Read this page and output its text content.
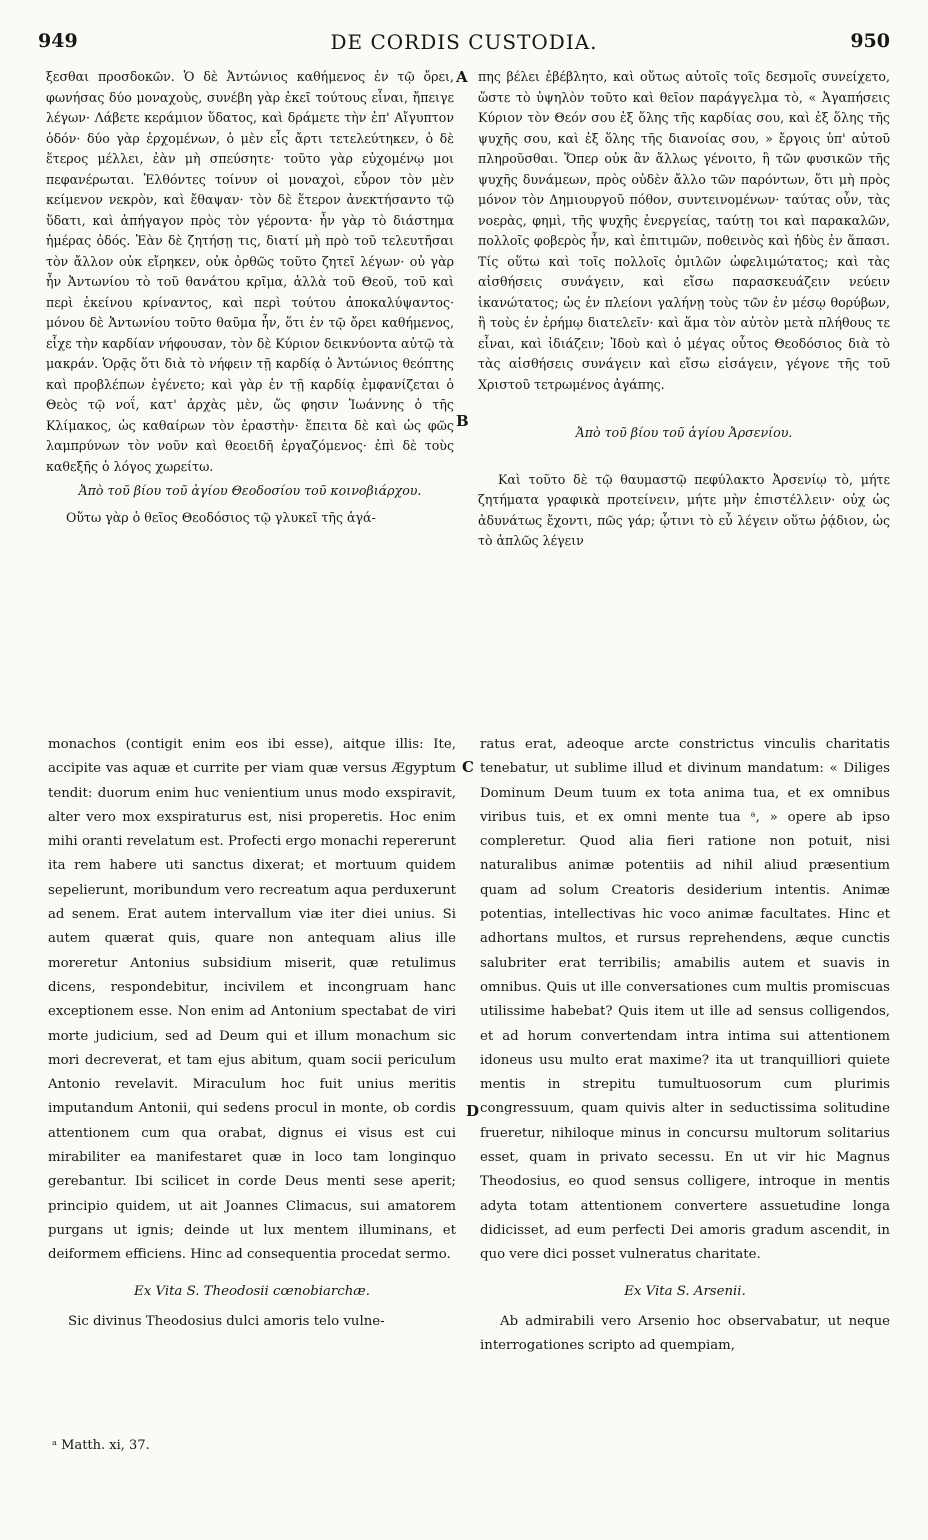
949	DE CORDIS CUSTODIA.	950

ξεσθαι προσδοκῶν. Ὁ δὲ Ἀντώνιος καθήμενος ἐν τῷ ὄρει, φωνήσας δύο μοναχοὺς, συνέβη γὰρ ἐκεῖ τούτους εἶναι, ἤπειγε λέγων· Λάβετε κεράμιον ὕδατος, καὶ δράμετε τὴν ἐπ' Αἴγυπτον ὁδόν· δύο γὰρ ἐρχομένων, ὁ μὲν εἷς ἄρτι τετελεύτηκεν, ὁ δὲ ἕτερος μέλλει, ἐὰν μὴ σπεύσητε· τοῦτο γὰρ εὐχομένῳ μοι πεφανέρωται. Ἐλθόντες τοίνυν οἱ μοναχοὶ, εὗρον τὸν μὲν κείμενον νεκρὸν, καὶ ἔθαψαν· τὸν δὲ ἕτερον ἀνεκτήσαντο τῷ ὕδατι, καὶ ἀπήγαγον πρὸς τὸν γέροντα· ἦν γὰρ τὸ διάστημα ἡμέρας ὁδός. Ἐὰν δὲ ζητήσῃ τις, διατί μὴ πρὸ τοῦ τελευτῆσαι τὸν ἄλλον οὐκ εἴρηκεν, οὐκ ὀρθῶς τοῦτο ζητεῖ λέγων· οὐ γὰρ ἦν Ἀντωνίου τὸ τοῦ θανάτου κρῖμα, ἀλλὰ τοῦ Θεοῦ, τοῦ καὶ περὶ ἐκείνου κρίναντος, καὶ περὶ τούτου ἀποκαλύψαντος· μόνου δὲ Ἀντωνίου τοῦτο θαῦμα ἦν, ὅτι ἐν τῷ ὄρει καθήμενος, εἶχε τὴν καρδίαν νήφουσαν, τὸν δὲ Κύριον δεικνύοντα αὐτῷ τὰ μακράν. Ὁρᾷς ὅτι διὰ τὸ νήφειν τῇ καρδίᾳ ὁ Ἀντώνιος θεόπτης καὶ προβλέπων ἐγένετο; καὶ γὰρ ἐν τῇ καρδίᾳ ἐμφανίζεται ὁ Θεὸς τῷ νοΐ, κατ' ἀρχὰς μὲν, ὥς φησιν Ἰωάννης ὁ τῆς Κλίμακος, ὡς καθαίρων τὸν ἐραστὴν· ἔπειτα δὲ καὶ ὡς φῶς λαμπρύνων τὸν νοῦν καὶ θεοειδῆ ἐργαζόμενος· ἐπὶ δὲ τοὺς καθεξῆς ὁ λόγος χωρείτω.

Ἀπὸ τοῦ βίου τοῦ ἁγίου Θεοδοσίου τοῦ κοινοβιάρχου.

Οὕτω γὰρ ὁ θεῖος Θεοδόσιος τῷ γλυκεῖ τῆς ἀγά-

πης βέλει ἐβέβλητο, καὶ οὕτως αὐτοῖς τοῖς δεσμοῖς συνείχετο, ὥστε τὸ ὑψηλὸν τοῦτο καὶ θεῖον παράγγελμα τὸ, « Ἀγαπήσεις Κύριον τὸν Θεόν σου ἐξ ὅλης τῆς καρδίας σου, καὶ ἐξ ὅλης τῆς ψυχῆς σου, καὶ ἐξ ὅλης τῆς διανοίας σου, » ἔργοις ὑπ' αὐτοῦ πληροῦσθαι. Ὅπερ οὐκ ἂν ἄλλως γένοιτο, ἢ τῶν φυσικῶν τῆς ψυχῆς δυνάμεων, πρὸς οὐδὲν ἄλλο τῶν παρόντων, ὅτι μὴ πρὸς μόνον τὸν Δημιουργοῦ πόθον, συντεινομένων· ταύτας οὖν, τὰς νοερὰς, φημὶ, τῆς ψυχῆς ἐνεργείας, ταύτῃ τοι καὶ παρακαλῶν, πολλοῖς φοβερὸς ἦν, καὶ ἐπιτιμῶν, ποθεινὸς καὶ ἡδὺς ἐν ἅπασι. Τίς οὕτω καὶ τοῖς πολλοῖς ὁμιλῶν ὠφελιμώτατος; καὶ τὰς αἰσθήσεις συνάγειν, καὶ εἴσω παρασκευάζειν νεύειν ἱκανώτατος; ὡς ἐν πλείονι γαλήνῃ τοὺς τῶν ἐν μέσῳ θορύβων, ἢ τοὺς ἐν ἐρήμῳ διατελεῖν· καὶ ἅμα τὸν αὐτὸν μετὰ πλήθους τε εἶναι, καὶ ἰδιάζειν; Ἰδοὺ καὶ ὁ μέγας οὗτος Θεοδόσιος διὰ τὸ τὰς αἰσθήσεις συνάγειν καὶ εἴσω εἰσάγειν, γέγονε τῆς τοῦ Χριστοῦ τετρωμένος ἀγάπης.

Ἀπὸ τοῦ βίου τοῦ ἁγίου Ἀρσενίου.

Καὶ τοῦτο δὲ τῷ θαυμαστῷ πεφύλακτο Ἀρσενίῳ τὸ, μήτε ζητήματα γραφικὰ προτείνειν, μήτε μὴν ἐπιστέλλειν· οὐχ ὡς ἀδυνάτως ἔχοντι, πῶς γάρ; ᾧτινι τὸ εὖ λέγειν οὕτω ῥᾴδιον, ὡς τὸ ἁπλῶς λέγειν

monachos (contigit enim eos ibi esse), aitque illis: Ite, accipite vas aquæ et currite per viam quæ versus Ægyptum tendit: duorum enim huc venientium unus modo exspiravit, alter vero mox exspiraturus est, nisi properetis. Hoc enim mihi oranti revelatum est. Profecti ergo monachi repererunt ita rem habere uti sanctus dixerat; et mortuum quidem sepelierunt, moribundum vero recreatum aqua perduxerunt ad senem. Erat autem intervallum viæ iter diei unius. Si autem quærat quis, quare non antequam alius ille moreretur Antonius subsidium miserit, quæ retulimus dicens, respondebitur, incivilem et incongruam hanc exceptionem esse. Non enim ad Antonium spectabat de viri morte judicium, sed ad Deum qui et illum monachum sic mori decreverat, et tam ejus abitum, quam socii periculum Antonio revelavit. Miraculum hoc fuit unius meritis imputandum Antonii, qui sedens procul in monte, ob cordis attentionem cum qua orabat, dignus ei visus est cui mirabiliter ea manifestaret quæ in loco tam longinquo gerebantur. Ibi scilicet in corde Deus menti sese aperit; principio quidem, ut ait Joannes Climacus, sui amatorem purgans ut ignis; deinde ut lux mentem illuminans, et deiformem efficiens. Hinc ad consequentia procedat sermo.

Ex Vita S. Theodosii cœnobiarchæ.

Sic divinus Theodosius dulci amoris telo vulne-

ratus erat, adeoque arcte constrictus vinculis charitatis tenebatur, ut sublime illud et divinum mandatum: « Diliges Dominum Deum tuum ex tota anima tua, et ex omnibus viribus tuis, et ex omni mente tua ᵃ, » opere ab ipso compleretur. Quod alia fieri ratione non potuit, nisi naturalibus animæ potentiis ad nihil aliud præsentium quam ad solum Creatoris desiderium intentis. Animæ potentias, intellectivas hic voco animæ facultates. Hinc et adhortans multos, et rursus reprehendens, æque cunctis salubriter erat terribilis; amabilis autem et suavis in omnibus. Quis ut ille conversationes cum multis promiscuas utilissime habebat? Quis item ut ille ad sensus colligendos, et ad horum convertendam intra intima sui attentionem idoneus usu multo erat maxime? ita ut tranquilliori quiete mentis in strepitu tumultuosorum cum plurimis congressuum, quam quivis alter in seductissima solitudine frueretur, nihiloque minus in concursu multorum solitarius esset, quam in privato secessu. En ut vir hic Magnus Theodosius, eo quod sensus colligere, introque in mentis adyta totam attentionem convertere assuetudine longa didicisset, ad eum perfecti Dei amoris gradum ascendit, in quo vere dici posset vulneratus charitate.

Ex Vita S. Arsenii.

Ab admirabili vero Arsenio hoc observabatur, ut neque interrogationes scripto ad quempiam,

A
B
C
D
ᵃ Matth. xi, 37.
